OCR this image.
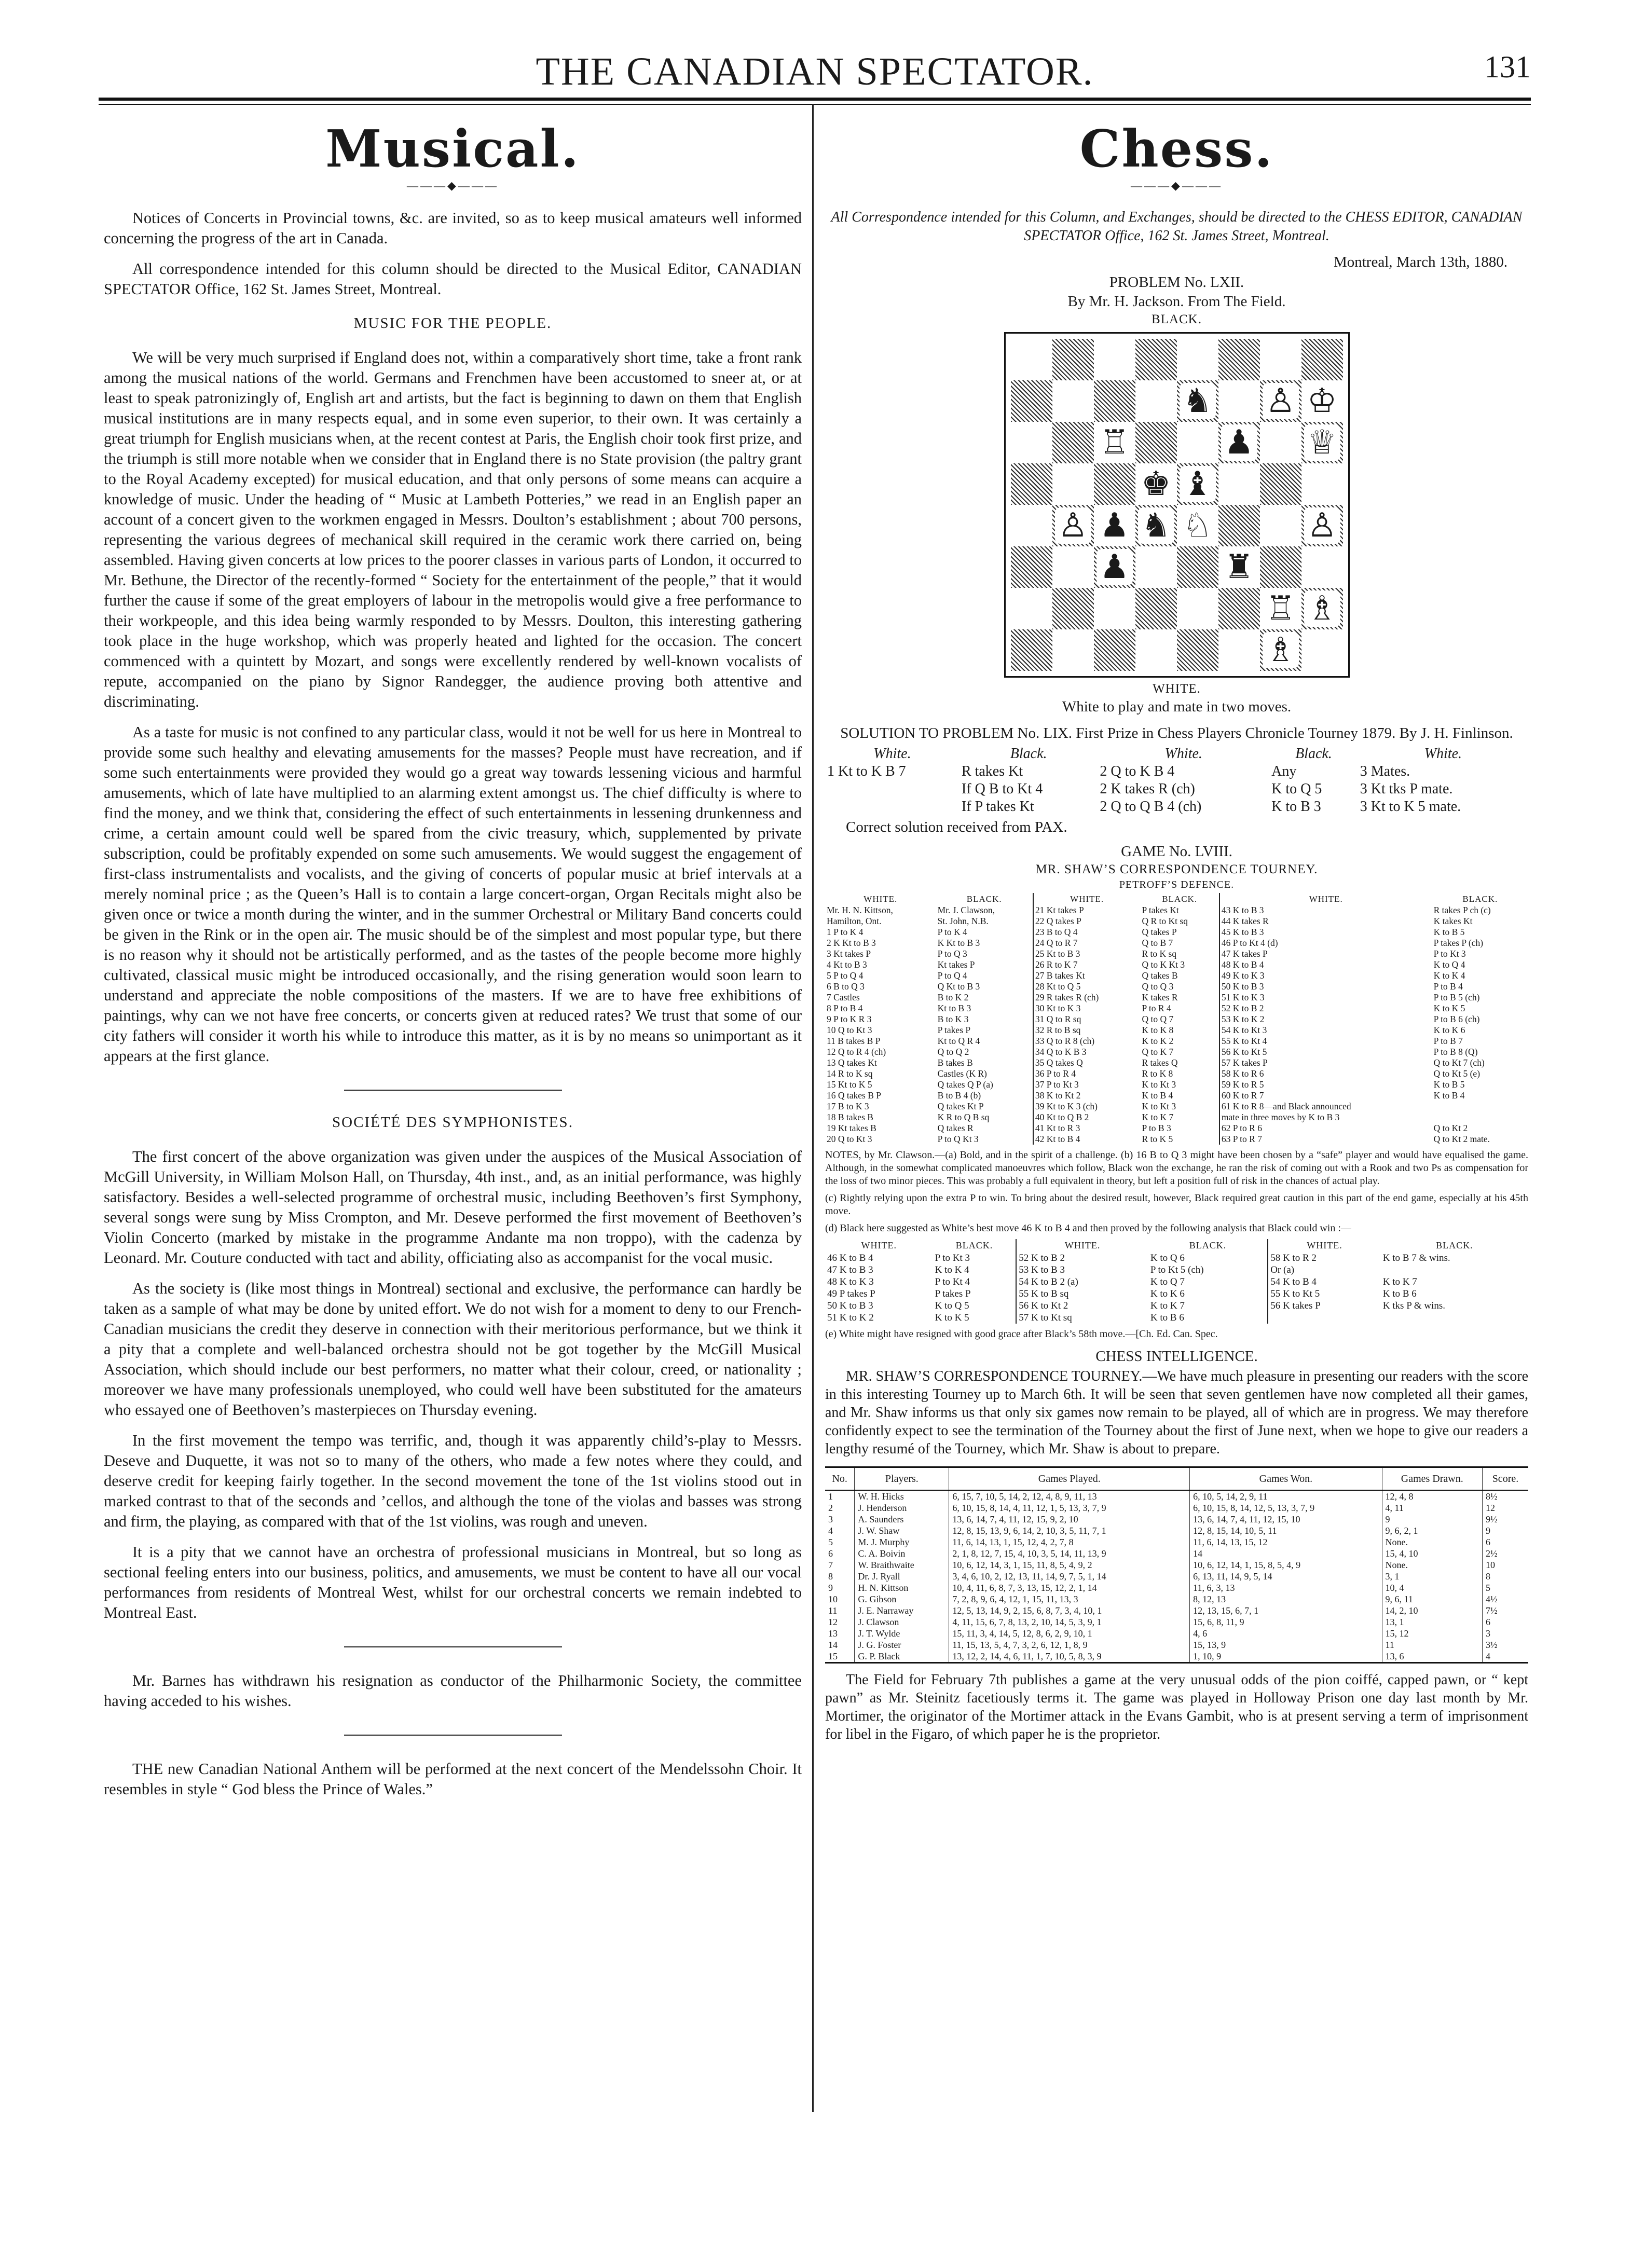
THE CANADIAN SPECTATOR.	131
Musical.
———◆———

Notices of Concerts in Provincial towns, &c. are invited, so as to keep musical amateurs well informed concerning the progress of the art in Canada.

All correspondence intended for this column should be directed to the Musical Editor, CANADIAN SPECTATOR Office, 162 St. James Street, Montreal.

MUSIC FOR THE PEOPLE.

We will be very much surprised if England does not, within a comparatively short time, take a front rank among the musical nations of the world. Germans and Frenchmen have been accustomed to sneer at, or at least to speak patronizingly of, English art and artists, but the fact is beginning to dawn on them that English musical institutions are in many respects equal, and in some even superior, to their own. It was certainly a great triumph for English musicians when, at the recent contest at Paris, the English choir took first prize, and the triumph is still more notable when we consider that in England there is no State provision (the paltry grant to the Royal Academy excepted) for musical education, and that only persons of some means can acquire a knowledge of music. Under the heading of “ Music at Lambeth Potteries,” we read in an English paper an account of a concert given to the workmen engaged in Messrs. Doulton’s establishment ; about 700 persons, representing the various degrees of mechanical skill required in the ceramic work there carried on, being assembled. Having given concerts at low prices to the poorer classes in various parts of London, it occurred to Mr. Bethune, the Director of the recently-formed “ Society for the entertainment of the people,” that it would further the cause if some of the great employers of labour in the metropolis would give a free performance to their workpeople, and this idea being warmly responded to by Messrs. Doulton, this interesting gathering took place in the huge workshop, which was properly heated and lighted for the occasion. The concert commenced with a quintett by Mozart, and songs were excellently rendered by well-known vocalists of repute, accompanied on the piano by Signor Randegger, the audience proving both attentive and discriminating.

As a taste for music is not confined to any particular class, would it not be well for us here in Montreal to provide some such healthy and elevating amusements for the masses? People must have recreation, and if some such entertainments were provided they would go a great way towards lessening vicious and harmful amusements, which of late have multiplied to an alarming extent amongst us. The chief difficulty is where to find the money, and we think that, considering the effect of such entertainments in lessening drunkenness and crime, a certain amount could well be spared from the civic treasury, which, supplemented by private subscription, could be profitably expended on some such amusements. We would suggest the engagement of first-class instrumentalists and vocalists, and the giving of concerts of popular music at brief intervals at a merely nominal price ; as the Queen’s Hall is to contain a large concert-organ, Organ Recitals might also be given once or twice a month during the winter, and in the summer Orchestral or Military Band concerts could be given in the Rink or in the open air. The music should be of the simplest and most popular type, but there is no reason why it should not be artistically performed, and as the tastes of the people become more highly cultivated, classical music might be introduced occasionally, and the rising generation would soon learn to understand and appreciate the noble compositions of the masters. If we are to have free exhibitions of paintings, why can we not have free concerts, or concerts given at reduced rates? We trust that some of our city fathers will consider it worth his while to introduce this matter, as it is by no means so unimportant as it appears at the first glance.

SOCIÉTÉ DES SYMPHONISTES.

The first concert of the above organization was given under the auspices of the Musical Association of McGill University, in William Molson Hall, on Thursday, 4th inst., and, as an initial performance, was highly satisfactory. Besides a well-selected programme of orchestral music, including Beethoven’s first Symphony, several songs were sung by Miss Crompton, and Mr. Deseve performed the first movement of Beethoven’s Violin Concerto (marked by mistake in the programme Andante ma non troppo), with the cadenza by Leonard. Mr. Couture conducted with tact and ability, officiating also as accompanist for the vocal music.

As the society is (like most things in Montreal) sectional and exclusive, the performance can hardly be taken as a sample of what may be done by united effort. We do not wish for a moment to deny to our French-Canadian musicians the credit they deserve in connection with their meritorious performance, but we think it a pity that a complete and well-balanced orchestra should not be got together by the McGill Musical Association, which should include our best performers, no matter what their colour, creed, or nationality ; moreover we have many professionals unemployed, who could well have been substituted for the amateurs who essayed one of Beethoven’s masterpieces on Thursday evening.

In the first movement the tempo was terrific, and, though it was apparently child’s-play to Messrs. Deseve and Duquette, it was not so to many of the others, who made a few notes where they could, and deserve credit for keeping fairly together. In the second movement the tone of the 1st violins stood out in marked contrast to that of the seconds and ’cellos, and although the tone of the violas and basses was strong and firm, the playing, as compared with that of the 1st violins, was rough and uneven.

It is a pity that we cannot have an orchestra of professional musicians in Montreal, but so long as sectional feeling enters into our business, politics, and amusements, we must be content to have all our vocal performances from residents of Montreal West, whilst for our orchestral concerts we remain indebted to Montreal East.

Mr. Barnes has withdrawn his resignation as conductor of the Philharmonic Society, the committee having acceded to his wishes.

THE new Canadian National Anthem will be performed at the next concert of the Mendelssohn Choir. It resembles in style “ God bless the Prince of Wales.”

Chess.
———◆———
All Correspondence intended for this Column, and Exchanges, should be directed to the CHESS EDITOR, CANADIAN SPECTATOR Office, 162 St. James Street, Montreal.
Montreal, March 13th, 1880.
PROBLEM No. LXII.
By Mr. H. Jackson. From The Field.
BLACK.
♞ ♙ ♔
♖	♟ ♕
♚ ♝
♙ ♟ ♞ ♘	♙
♟	♜
♖ ♗
♗
WHITE.
White to play and mate in two moves.
SOLUTION TO PROBLEM No. LIX. First Prize in Chess Players Chronicle Tourney 1879. By J. H. Finlinson.
White.	Black.	White.	Black.	White.
1 Kt to K B 7	R takes Kt	2 Q to K B 4	Any	3 Mates.
	If Q B to Kt 4	2 K takes R (ch)	K to Q 5	3 Kt tks P mate.
	If P takes Kt	2 Q to Q B 4 (ch)	K to B 3	3 Kt to K 5 mate.
Correct solution received from PAX.
GAME No. LVIII.
MR. SHAW’S CORRESPONDENCE TOURNEY.
PETROFF’S DEFENCE.
WHITE.	BLACK.	WHITE.	BLACK.	WHITE.	BLACK.
Mr. H. N. Kittson,	Mr. J. Clawson,	21 Kt takes P	P takes Kt	43 K to B 3	R takes P ch (c)
Hamilton, Ont.	St. John, N.B.	22 Q takes P	Q R to Kt sq	44 K takes R	K takes Kt
1 P to K 4	P to K 4	23 B to Q 4	Q takes P	45 K to B 3	K to B 5
2 K Kt to B 3	K Kt to B 3	24 Q to R 7	Q to B 7	46 P to Kt 4 (d)	P takes P (ch)
3 Kt takes P	P to Q 3	25 Kt to B 3	R to K sq	47 K takes P	P to Kt 3
4 Kt to B 3	Kt takes P	26 R to K 7	Q to K Kt 3	48 K to B 4	K to Q 4
5 P to Q 4	P to Q 4	27 B takes Kt	Q takes B	49 K to K 3	K to K 4
6 B to Q 3	Q Kt to B 3	28 Kt to Q 5	Q to Q 3	50 K to B 3	P to B 4
7 Castles	B to K 2	29 R takes R (ch)	K takes R	51 K to K 3	P to B 5 (ch)
8 P to B 4	Kt to B 3	30 Kt to K 3	P to R 4	52 K to B 2	K to K 5
9 P to K R 3	B to K 3	31 Q to R sq	Q to Q 7	53 K to K 2	P to B 6 (ch)
10 Q to Kt 3	P takes P	32 R to B sq	K to K 8	54 K to Kt 3	K to K 6
11 B takes B P	Kt to Q R 4	33 Q to R 8 (ch)	K to K 2	55 K to Kt 4	P to B 7
12 Q to R 4 (ch)	Q to Q 2	34 Q to K B 3	Q to K 7	56 K to Kt 5	P to B 8 (Q)
13 Q takes Kt	B takes B	35 Q takes Q	R takes Q	57 K takes P	Q to Kt 7 (ch)
14 R to K sq	Castles (K R)	36 P to R 4	R to K 8	58 K to R 6	Q to Kt 5 (e)
15 Kt to K 5	Q takes Q P (a)	37 P to Kt 3	K to Kt 3	59 K to R 5	K to B 5
16 Q takes B P	B to B 4 (b)	38 K to Kt 2	K to B 4	60 K to R 7	K to B 4
17 B to K 3	Q takes Kt P	39 Kt to K 3 (ch)	K to Kt 3	61 K to R 8—and Black announced	
18 B takes B	K R to Q B sq	40 Kt to Q B 2	K to K 7	mate in three moves by K to B 3	
19 Kt takes B	Q takes R	41 Kt to R 3	P to B 3	62 P to R 6	Q to Kt 2
20 Q to Kt 3	P to Q Kt 3	42 Kt to B 4	R to K 5	63 P to R 7	Q to Kt 2 mate.
NOTES, by Mr. Clawson.—(a) Bold, and in the spirit of a challenge. (b) 16 B to Q 3 might have been chosen by a “safe” player and would have equalised the game. Although, in the somewhat complicated manoeuvres which follow, Black won the exchange, he ran the risk of coming out with a Rook and two Ps as compensation for the loss of two minor pieces. This was probably a full equivalent in theory, but left a position full of risk in the chances of actual play.
(c) Rightly relying upon the extra P to win. To bring about the desired result, however, Black required great caution in this part of the end game, especially at his 45th move.
(d) Black here suggested as White’s best move 46 K to B 4 and then proved by the following analysis that Black could win :—
WHITE.	BLACK.	WHITE.	BLACK.	WHITE.	BLACK.
46 K to B 4	P to Kt 3	52 K to B 2	K to Q 6	58 K to R 2	K to B 7 & wins.
47 K to B 3	K to K 4	53 K to B 3	P to Kt 5 (ch)	Or (a)	
48 K to K 3	P to Kt 4	54 K to B 2 (a)	K to Q 7	54 K to B 4	K to K 7
49 P takes P	P takes P	55 K to B sq	K to K 6	55 K to Kt 5	K to B 6
50 K to B 3	K to Q 5	56 K to Kt 2	K to K 7	56 K takes P	K tks P & wins.
51 K to K 2	K to K 5	57 K to Kt sq	K to B 6		
(e) White might have resigned with good grace after Black’s 58th move.—[Ch. Ed. Can. Spec.
CHESS INTELLIGENCE.

MR. SHAW’S CORRESPONDENCE TOURNEY.—We have much pleasure in presenting our readers with the score in this interesting Tourney up to March 6th. It will be seen that seven gentlemen have now completed all their games, and Mr. Shaw informs us that only six games now remain to be played, all of which are in progress. We may therefore confidently expect to see the termination of the Tourney about the first of June next, when we hope to give our readers a lengthy resumé of the Tourney, which Mr. Shaw is about to prepare.

No.	Players.	Games Played.	Games Won.	Games Drawn.	Score.
1	W. H. Hicks	6, 15, 7, 10, 5, 14, 2, 12, 4, 8, 9, 11, 13	6, 10, 5, 14, 2, 9, 11	12, 4, 8	8½
2	J. Henderson	6, 10, 15, 8, 14, 4, 11, 12, 1, 5, 13, 3, 7, 9	6, 10, 15, 8, 14, 12, 5, 13, 3, 7, 9	4, 11	12
3	A. Saunders	13, 6, 14, 7, 4, 11, 12, 15, 9, 2, 10	13, 6, 14, 7, 4, 11, 12, 15, 10	9	9½
4	J. W. Shaw	12, 8, 15, 13, 9, 6, 14, 2, 10, 3, 5, 11, 7, 1	12, 8, 15, 14, 10, 5, 11	9, 6, 2, 1	9
5	M. J. Murphy	11, 6, 14, 13, 1, 15, 12, 4, 2, 7, 8	11, 6, 14, 13, 15, 12	None.	6
6	C. A. Boivin	2, 1, 8, 12, 7, 15, 4, 10, 3, 5, 14, 11, 13, 9	14	15, 4, 10	2½
7	W. Braithwaite	10, 6, 12, 14, 3, 1, 15, 11, 8, 5, 4, 9, 2	10, 6, 12, 14, 1, 15, 8, 5, 4, 9	None.	10
8	Dr. J. Ryall	3, 4, 6, 10, 2, 12, 13, 11, 14, 9, 7, 5, 1, 14	6, 13, 11, 14, 9, 5, 14	3, 1	8
9	H. N. Kittson	10, 4, 11, 6, 8, 7, 3, 13, 15, 12, 2, 1, 14	11, 6, 3, 13	10, 4	5
10	G. Gibson	7, 2, 8, 9, 6, 4, 12, 1, 15, 11, 13, 3	8, 12, 13	9, 6, 11	4½
11	J. E. Narraway	12, 5, 13, 14, 9, 2, 15, 6, 8, 7, 3, 4, 10, 1	12, 13, 15, 6, 7, 1	14, 2, 10	7½
12	J. Clawson	4, 11, 15, 6, 7, 8, 13, 2, 10, 14, 5, 3, 9, 1	15, 6, 8, 11, 9	13, 1	6
13	J. T. Wylde	15, 11, 3, 4, 14, 5, 12, 8, 6, 2, 9, 10, 1	4, 6	15, 12	3
14	J. G. Foster	11, 15, 13, 5, 4, 7, 3, 2, 6, 12, 1, 8, 9	15, 13, 9	11	3½
15	G. P. Black	13, 12, 2, 14, 4, 6, 11, 1, 7, 10, 5, 8, 3, 9	1, 10, 9	13, 6	4

The Field for February 7th publishes a game at the very unusual odds of the pion coiffé, capped pawn, or “ kept pawn” as Mr. Steinitz facetiously terms it. The game was played in Holloway Prison one day last month by Mr. Mortimer, the originator of the Mortimer attack in the Evans Gambit, who is at present serving a term of imprisonment for libel in the Figaro, of which paper he is the proprietor.
